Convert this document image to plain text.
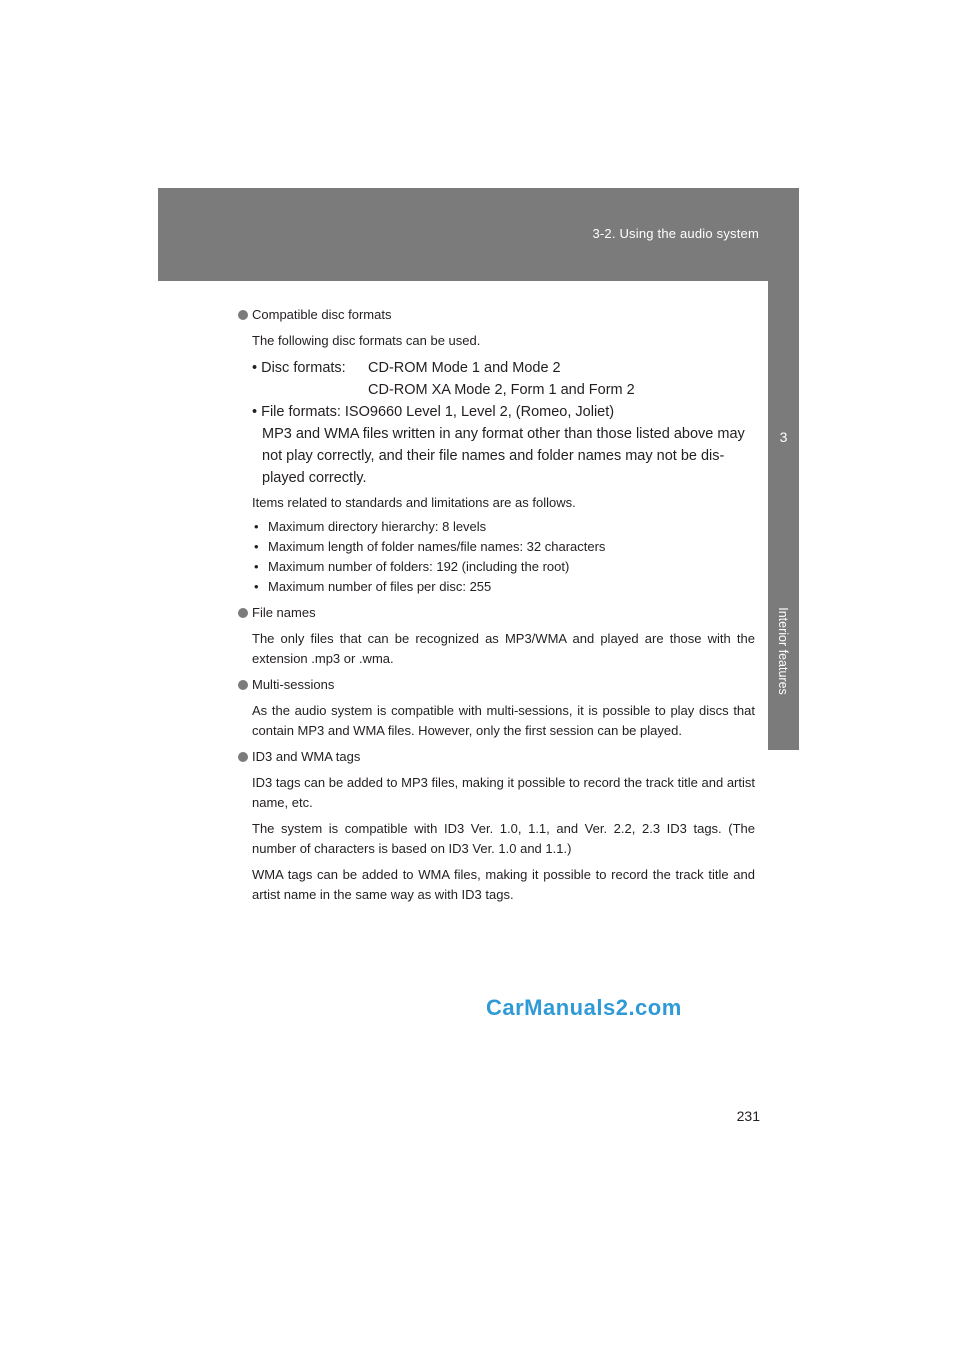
3-2. Using the audio system
3
Interior features
Compatible disc formats

The following disc formats can be used.

• Disc formats: CD-ROM Mode 1 and Mode 2
CD-ROM XA Mode 2, Form 1 and Form 2
• File formats: ISO9660 Level 1, Level 2, (Romeo, Joliet)
MP3 and WMA files written in any format other than those listed above may not play correctly, and their file names and folder names may not be dis-played correctly.

Items related to standards and limitations are as follows.

• Maximum directory hierarchy: 8 levels
• Maximum length of folder names/file names: 32 characters
• Maximum number of folders: 192 (including the root)
• Maximum number of files per disc: 255
File names

The only files that can be recognized as MP3/WMA and played are those with the extension .mp3 or .wma.

Multi-sessions

As the audio system is compatible with multi-sessions, it is possible to play discs that contain MP3 and WMA files. However, only the first session can be played.

ID3 and WMA tags

ID3 tags can be added to MP3 files, making it possible to record the track title and artist name, etc.

The system is compatible with ID3 Ver. 1.0, 1.1, and Ver. 2.2, 2.3 ID3 tags. (The number of characters is based on ID3 Ver. 1.0 and 1.1.)

WMA tags can be added to WMA files, making it possible to record the track title and artist name in the same way as with ID3 tags.

CarManuals2.com
231
